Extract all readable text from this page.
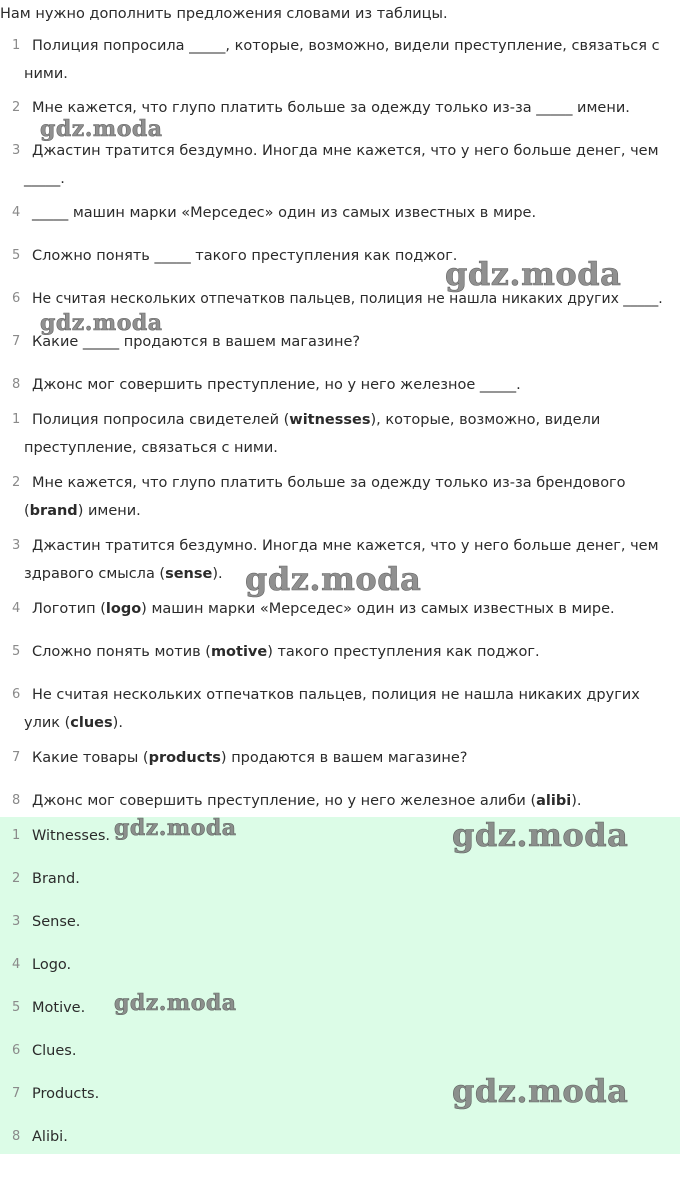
Нам нужно дополнить предложения словами из таблицы.
1 Полиция попросила _____, которые, возможно, видели преступление, связаться с ними.
2 Мне кажется, что глупо платить больше за одежду только из-за _____ имени.
3 Джастин тратится бездумно. Иногда мне кажется, что у него больше денег, чем _____.
4 _____ машин марки «Мерседес» один из самых известных в мире.
5 Сложно понять _____ такого преступления как поджог.
6 Не считая нескольких отпечатков пальцев, полиция не нашла никаких других _____.
7 Какие _____ продаются в вашем магазине?
8 Джонс мог совершить преступление, но у него железное _____.
1 Полиция попросила свидетелей (witnesses), которые, возможно, видели преступление, связаться с ними.
2 Мне кажется, что глупо платить больше за одежду только из-за брендового (brand) имени.
3 Джастин тратится бездумно. Иногда мне кажется, что у него больше денег, чем здравого смысла (sense).
4 Логотип (logo) машин марки «Мерседес» один из самых известных в мире.
5 Сложно понять мотив (motive) такого преступления как поджог.
6 Не считая нескольких отпечатков пальцев, полиция не нашла никаких других улик (clues).
7 Какие товары (products) продаются в вашем магазине?
8 Джонс мог совершить преступление, но у него железное алиби (alibi).
1 Witnesses.
2 Brand.
3 Sense.
4 Logo.
5 Motive.
6 Clues.
7 Products.
8 Alibi.
gdz.moda
gdz.moda
gdz.moda
gdz.moda
gdz.moda	gdz.moda
gdz.moda
gdz.moda
